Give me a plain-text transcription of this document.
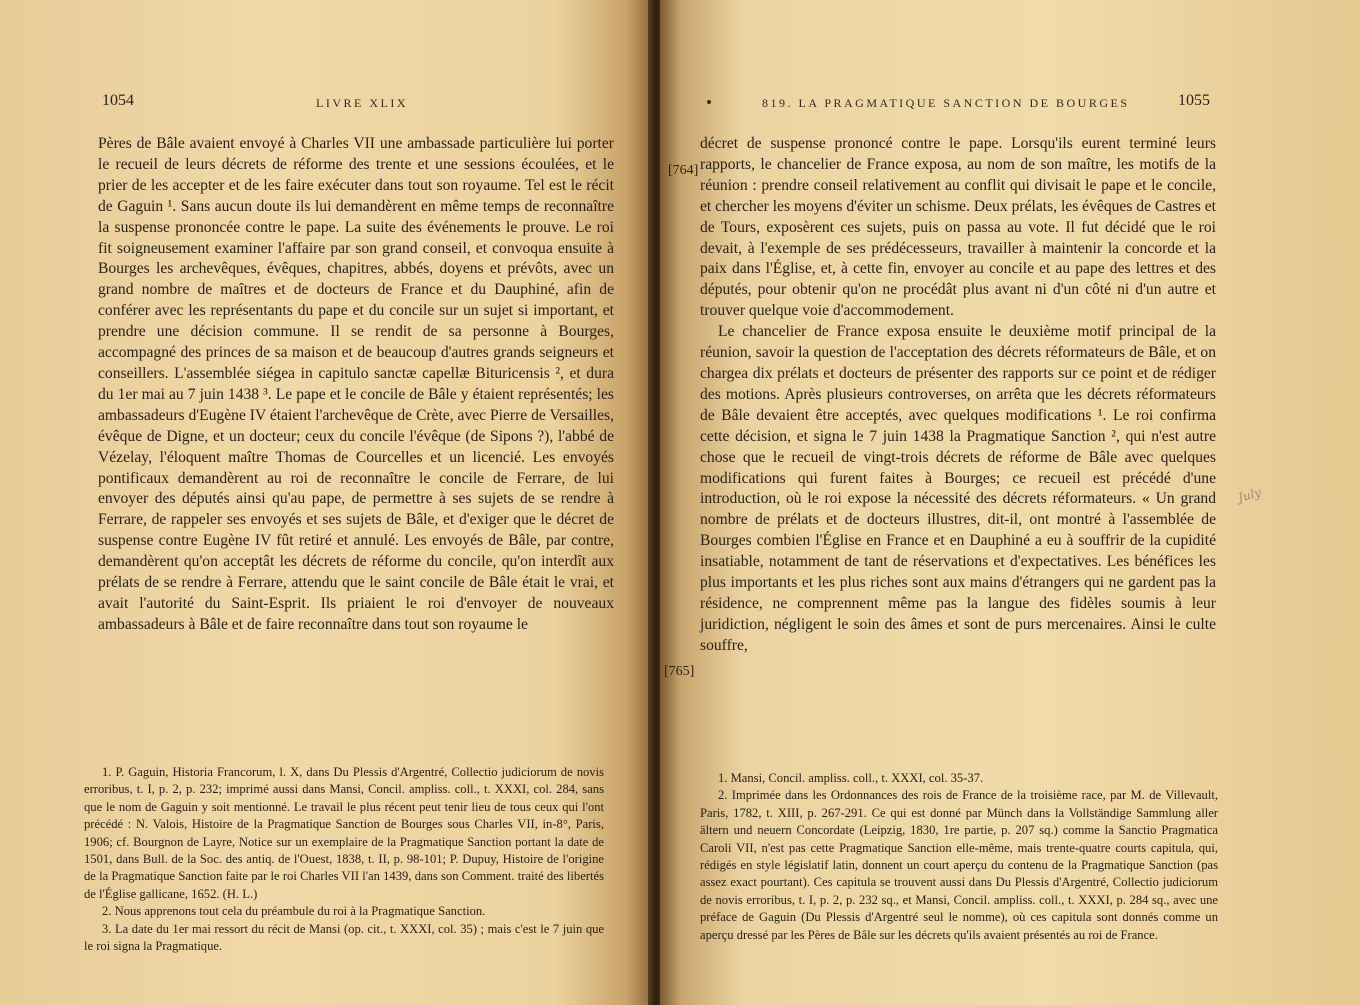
1054	LIVRE XLIX

Pères de Bâle avaient envoyé à Charles VII une ambassade particulière lui porter le recueil de leurs décrets de réforme des trente et une sessions écoulées, et le prier de les accepter et de les faire exécuter dans tout son royaume. Tel est le récit de Gaguin ¹. Sans aucun doute ils lui demandèrent en même temps de reconnaître la suspense prononcée contre le pape. La suite des événements le prouve. Le roi fit soigneusement examiner l'affaire par son grand conseil, et convoqua ensuite à Bourges les archevêques, évêques, chapitres, abbés, doyens et prévôts, avec un grand nombre de maîtres et de docteurs de France et du Dauphiné, afin de conférer avec les représentants du pape et du concile sur un sujet si important, et prendre une décision commune. Il se rendit de sa personne à Bourges, accompagné des princes de sa maison et de beaucoup d'autres grands seigneurs et conseillers. L'assemblée siégea in capitulo sanctæ capellæ Bituricensis ², et dura du 1er mai au 7 juin 1438 ³. Le pape et le concile de Bâle y étaient représentés; les ambassadeurs d'Eugène IV étaient l'archevêque de Crète, avec Pierre de Versailles, évêque de Digne, et un docteur; ceux du concile l'évêque (de Sipons ?), l'abbé de Vézelay, l'éloquent maître Thomas de Courcelles et un licencié. Les envoyés pontificaux demandèrent au roi de reconnaître le concile de Ferrare, de lui envoyer des députés ainsi qu'au pape, de permettre à ses sujets de se rendre à Ferrare, de rappeler ses envoyés et ses sujets de Bâle, et d'exiger que le décret de suspense contre Eugène IV fût retiré et annulé. Les envoyés de Bâle, par contre, demandèrent qu'on acceptât les décrets de réforme du concile, qu'on interdît aux prélats de se rendre à Ferrare, attendu que le saint concile de Bâle était le vrai, et avait l'autorité du Saint-Esprit. Ils priaient le roi d'envoyer de nouveaux ambassadeurs à Bâle et de faire reconnaître dans tout son royaume le

1. P. Gaguin, Historia Francorum, l. X, dans Du Plessis d'Argentré, Collectio judiciorum de novis erroribus, t. I, p. 2, p. 232; imprimé aussi dans Mansi, Concil. ampliss. coll., t. XXXI, col. 284, sans que le nom de Gaguin y soit mentionné. Le travail le plus récent peut tenir lieu de tous ceux qui l'ont précédé : N. Valois, Histoire de la Pragmatique Sanction de Bourges sous Charles VII, in-8°, Paris, 1906; cf. Bourgnon de Layre, Notice sur un exemplaire de la Pragmatique Sanction portant la date de 1501, dans Bull. de la Soc. des antiq. de l'Ouest, 1838, t. II, p. 98-101; P. Dupuy, Histoire de l'origine de la Pragmatique Sanction faite par le roi Charles VII l'an 1439, dans son Comment. traité des libertés de l'Église gallicane, 1652. (H. L.)

2. Nous apprenons tout cela du préambule du roi à la Pragmatique Sanction.

3. La date du 1er mai ressort du récit de Mansi (op. cit., t. XXXI, col. 35) ; mais c'est le 7 juin que le roi signa la Pragmatique.

819. LA PRAGMATIQUE SANCTION DE BOURGES	1055
[764]
[765]
July

décret de suspense prononcé contre le pape. Lorsqu'ils eurent terminé leurs rapports, le chancelier de France exposa, au nom de son maître, les motifs de la réunion : prendre conseil relativement au conflit qui divisait le pape et le concile, et chercher les moyens d'éviter un schisme. Deux prélats, les évêques de Castres et de Tours, exposèrent ces sujets, puis on passa au vote. Il fut décidé que le roi devait, à l'exemple de ses prédécesseurs, travailler à maintenir la concorde et la paix dans l'Église, et, à cette fin, envoyer au concile et au pape des lettres et des députés, pour obtenir qu'on ne procédât plus avant ni d'un côté ni d'un autre et trouver quelque voie d'accommodement.

Le chancelier de France exposa ensuite le deuxième motif principal de la réunion, savoir la question de l'acceptation des décrets réformateurs de Bâle, et on chargea dix prélats et docteurs de présenter des rapports sur ce point et de rédiger des motions. Après plusieurs controverses, on arrêta que les décrets réformateurs de Bâle devaient être acceptés, avec quelques modifications ¹. Le roi confirma cette décision, et signa le 7 juin 1438 la Pragmatique Sanction ², qui n'est autre chose que le recueil de vingt-trois décrets de réforme de Bâle avec quelques modifications qui furent faites à Bourges; ce recueil est précédé d'une introduction, où le roi expose la nécessité des décrets réformateurs. « Un grand nombre de prélats et de docteurs illustres, dit-il, ont montré à l'assemblée de Bourges combien l'Église en France et en Dauphiné a eu à souffrir de la cupidité insatiable, notamment de tant de réservations et d'expectatives. Les bénéfices les plus importants et les plus riches sont aux mains d'étrangers qui ne gardent pas la résidence, ne comprennent même pas la langue des fidèles soumis à leur juridiction, négligent le soin des âmes et sont de purs mercenaires. Ainsi le culte souffre,

1. Mansi, Concil. ampliss. coll., t. XXXI, col. 35-37.

2. Imprimée dans les Ordonnances des rois de France de la troisième race, par M. de Villevault, Paris, 1782, t. XIII, p. 267-291. Ce qui est donné par Münch dans la Vollständige Sammlung aller ältern und neuern Concordate (Leipzig, 1830, 1re partie, p. 207 sq.) comme la Sanctio Pragmatica Caroli VII, n'est pas cette Pragmatique Sanction elle-même, mais trente-quatre courts capitula, qui, rédigés en style législatif latin, donnent un court aperçu du contenu de la Pragmatique Sanction (pas assez exact pourtant). Ces capitula se trouvent aussi dans Du Plessis d'Argentré, Collectio judiciorum de novis erroribus, t. I, p. 2, p. 232 sq., et Mansi, Concil. ampliss. coll., t. XXXI, p. 284 sq., avec une préface de Gaguin (Du Plessis d'Argentré seul le nomme), où ces capitula sont donnés comme un aperçu dressé par les Pères de Bâle sur les décrets qu'ils avaient présentés au roi de France.
